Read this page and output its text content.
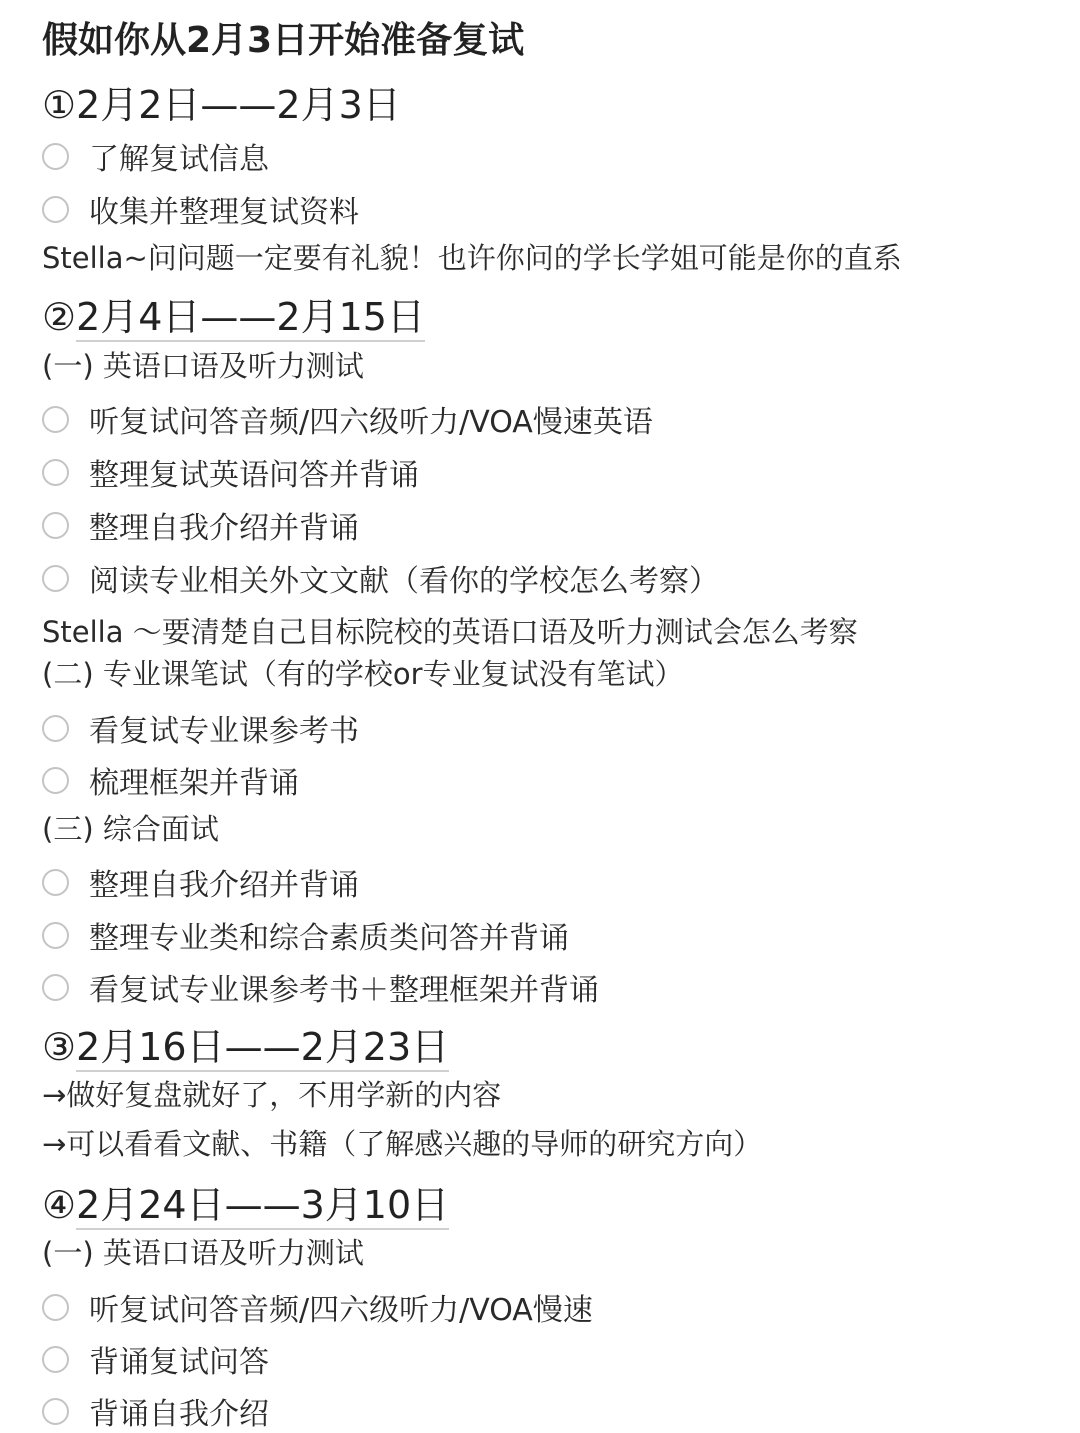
假如你从2月3日开始准备复试
①2月2日——2月3日
了解复试信息
收集并整理复试资料
Stella~问问题一定要有礼貌！也许你问的学长学姐可能是你的直系
②2月4日——2月15日
(一) 英语口语及听力测试
听复试问答音频/四六级听力/VOA慢速英语
整理复试英语问答并背诵
整理自我介绍并背诵
阅读专业相关外文文献（看你的学校怎么考察）
Stella ～要清楚自己目标院校的英语口语及听力测试会怎么考察
(二) 专业课笔试（有的学校or专业复试没有笔试）
看复试专业课参考书
梳理框架并背诵
(三) 综合面试
整理自我介绍并背诵
整理专业类和综合素质类问答并背诵
看复试专业课参考书＋整理框架并背诵
③2月16日——2月23日
→做好复盘就好了，不用学新的内容
→可以看看文献、书籍（了解感兴趣的导师的研究方向）
④2月24日——3月10日
(一) 英语口语及听力测试
听复试问答音频/四六级听力/VOA慢速
背诵复试问答
背诵自我介绍
